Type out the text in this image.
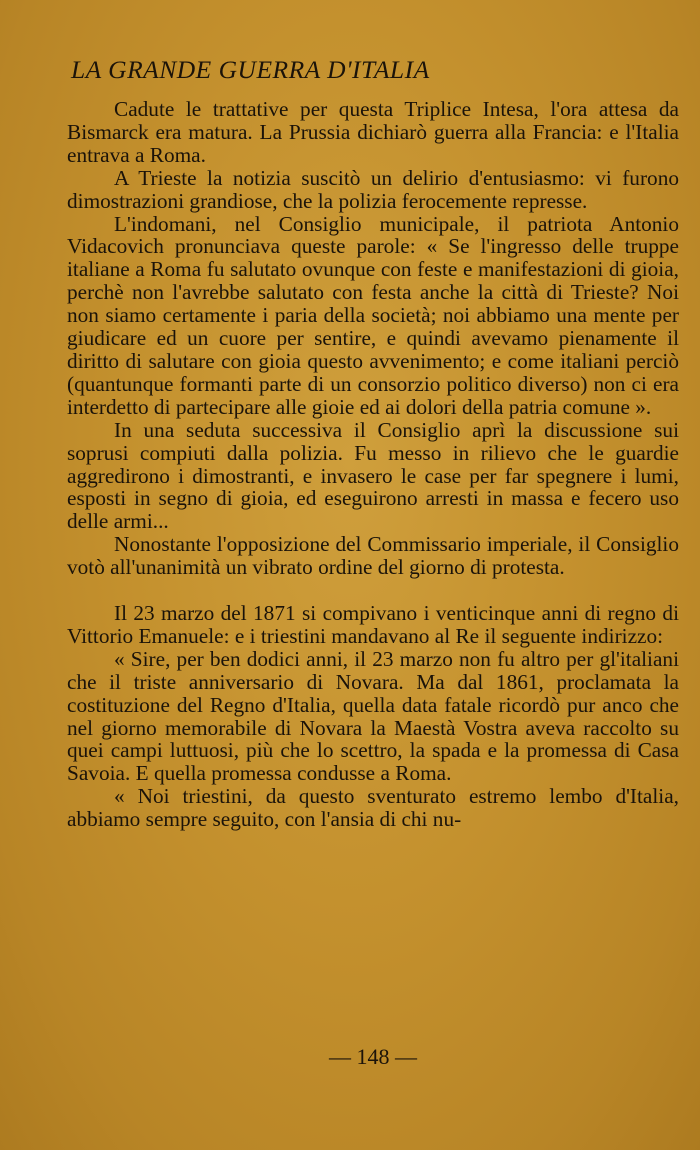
LA GRANDE GUERRA D'ITALIA

Cadute le trattative per questa Triplice Intesa, l'ora attesa da Bismarck era matura. La Prussia dichiarò guerra alla Francia: e l'Italia entrava a Roma.

A Trieste la notizia suscitò un delirio d'entusiasmo: vi furono dimostrazioni grandiose, che la polizia ferocemente represse.

L'indomani, nel Consiglio municipale, il patriota Antonio Vidacovich pronunciava queste parole: « Se l'ingresso delle truppe italiane a Roma fu salutato ovunque con feste e manifestazioni di gioia, perchè non l'avrebbe salutato con festa anche la città di Trieste? Noi non siamo certamente i paria della società; noi abbiamo una mente per giudicare ed un cuore per sentire, e quindi avevamo pienamente il diritto di salutare con gioia questo avvenimento; e come italiani perciò (quantunque formanti parte di un consorzio politico diverso) non ci era interdetto di partecipare alle gioie ed ai dolori della patria comune ».

In una seduta successiva il Consiglio aprì la discussione sui soprusi compiuti dalla polizia. Fu messo in rilievo che le guardie aggredirono i dimostranti, e invasero le case per far spegnere i lumi, esposti in segno di gioia, ed eseguirono arresti in massa e fecero uso delle armi...

Nonostante l'opposizione del Commissario imperiale, il Consiglio votò all'unanimità un vibrato ordine del giorno di protesta.

Il 23 marzo del 1871 si compivano i venticinque anni di regno di Vittorio Emanuele: e i triestini mandavano al Re il seguente indirizzo:

« Sire, per ben dodici anni, il 23 marzo non fu altro per gl'italiani che il triste anniversario di Novara. Ma dal 1861, proclamata la costituzione del Regno d'Italia, quella data fatale ricordò pur anco che nel giorno memorabile di Novara la Maestà Vostra aveva raccolto su quei campi luttuosi, più che lo scettro, la spada e la promessa di Casa Savoia. E quella promessa condusse a Roma.

« Noi triestini, da questo sventurato estremo lembo d'Italia, abbiamo sempre seguito, con l'ansia di chi nu-

— 148 —
